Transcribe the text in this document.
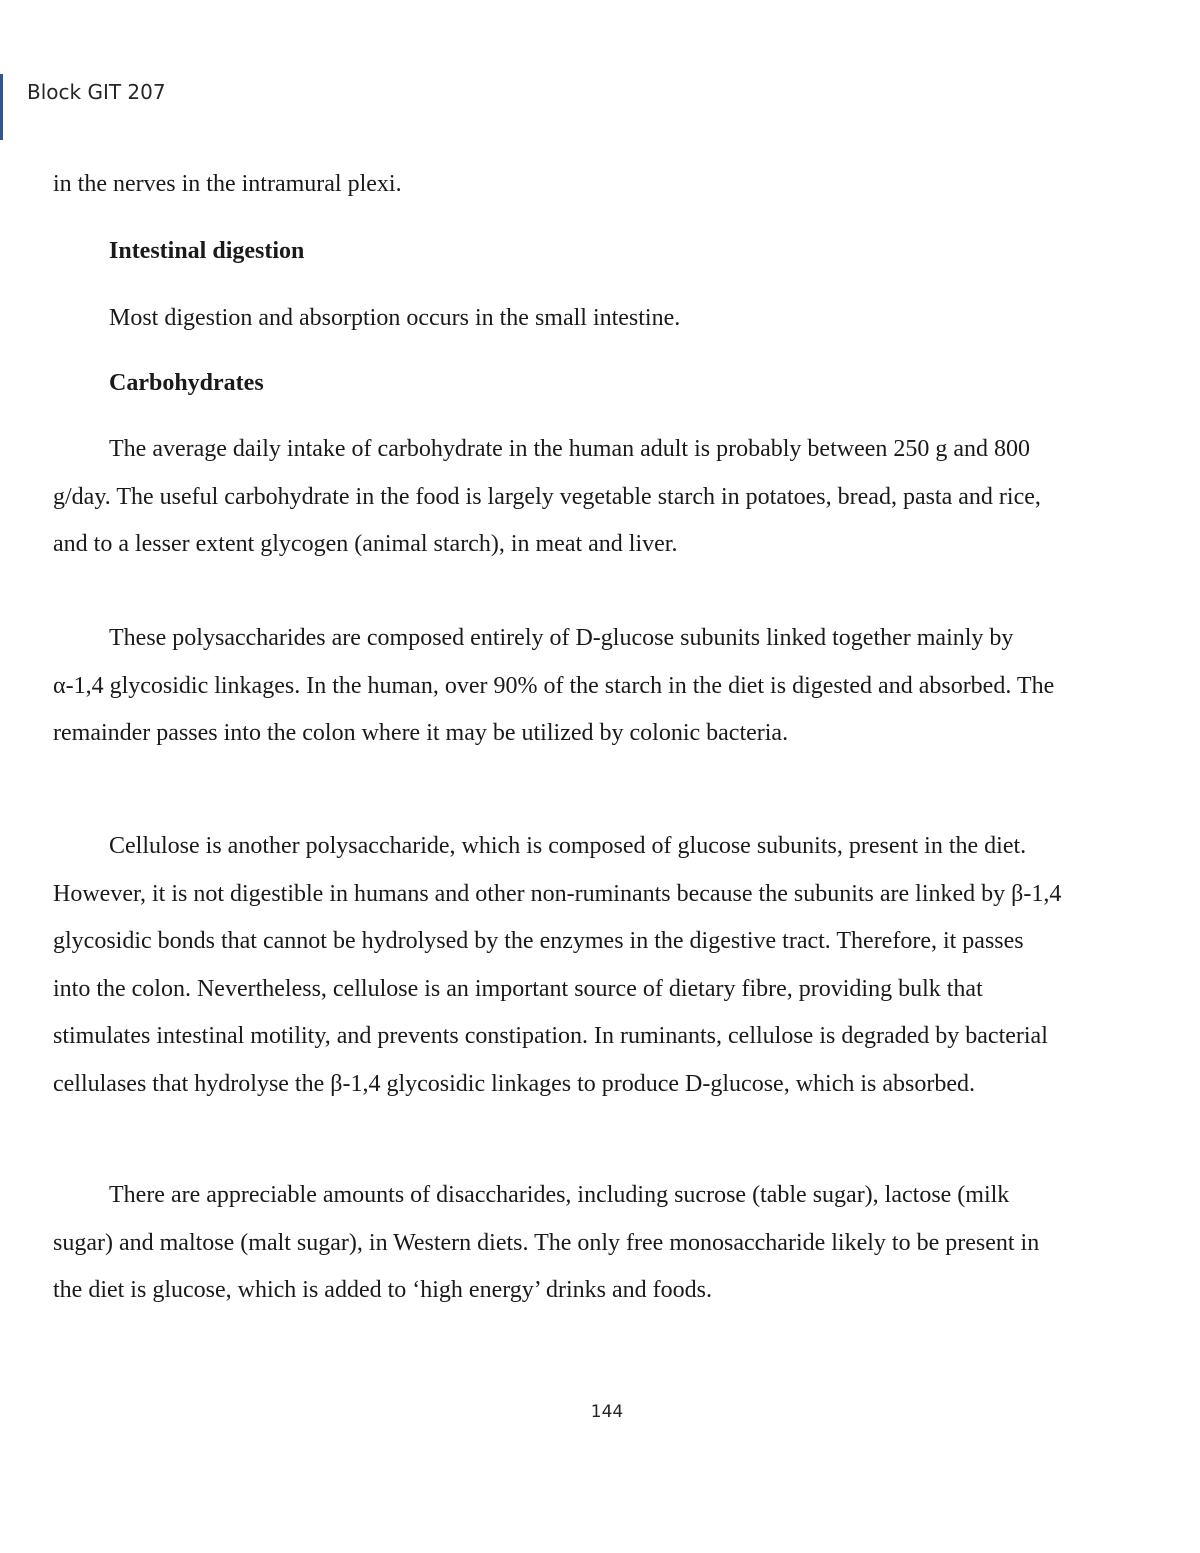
Block GIT 207

in the nerves in the intramural plexi.

Intestinal digestion

Most digestion and absorption occurs in the small intestine.

Carbohydrates

The average daily intake of carbohydrate in the human adult is probably between 250 g and 800 g/day. The useful carbohydrate in the food is largely vegetable starch in potatoes, bread, pasta and rice, and to a lesser extent glycogen (animal starch), in meat and liver.

These polysaccharides are composed entirely of D-glucose subunits linked together mainly by α-1,4 glycosidic linkages. In the human, over 90% of the starch in the diet is digested and absorbed. The remainder passes into the colon where it may be utilized by colonic bacteria.

Cellulose is another polysaccharide, which is composed of glucose subunits, present in the diet. However, it is not digestible in humans and other non-ruminants because the subunits are linked by β-1,4 glycosidic bonds that cannot be hydrolysed by the enzymes in the digestive tract. Therefore, it passes into the colon. Nevertheless, cellulose is an important source of dietary fibre, providing bulk that stimulates intestinal motility, and prevents constipation. In ruminants, cellulose is degraded by bacterial cellulases that hydrolyse the β-1,4 glycosidic linkages to produce D-glucose, which is absorbed.

There are appreciable amounts of disaccharides, including sucrose (table sugar), lactose (milk sugar) and maltose (malt sugar), in Western diets. The only free monosaccharide likely to be present in the diet is glucose, which is added to ‘high energy’ drinks and foods.

144
